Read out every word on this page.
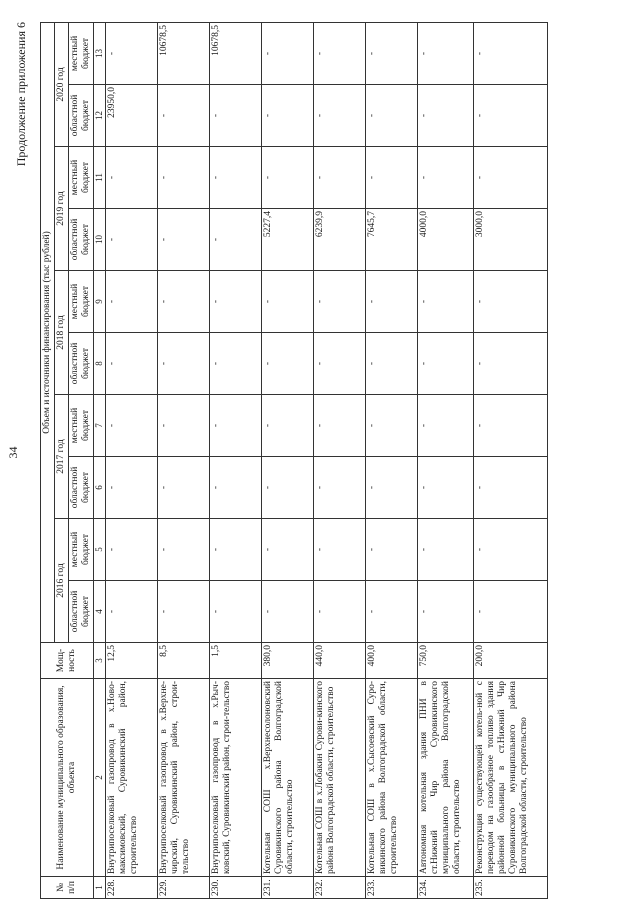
34
Продолжение приложения 6
№ п/п	Наименование муниципального образования, объекта	Мощ-ность	Объем и источники финансирования (тыс рублей)									
			2016 год		2017 год		2018 год		2019 год		2020 год	
			областной бюджет	местный бюджет	областной бюджет	местный бюджет	областной бюджет	местный бюджет	областной бюджет	местный бюджет	областной бюджет	местный бюджет
1	2	3	4	5	6	7	8	9	10	11	12	13
228.	Внутрипоселковый газопровод в х.Ново-максимовский, Суровикинский район, строительство	12,5	-	-	-	-	-	-	-	-	23950,0	-
229.	Внутрипоселковый газопровод в х.Верхне-чирский, Суровикинский район, строи-тельство	8,5	-	-	-	-	-	-	-	-	-	10678,5
230.	Внутрипоселковый газопровод в х.Рыч-ковский, Суровикинский район, строи-тельство	1,5	-	-	-	-	-	-	-	-	-	10678,5
231.	Котельная СОШ х.Верхнесолоновский Суровикинского района Волгоградской области, строительство	380,0	-	-	-	-	-	-	5227,4	-	-	-
232.	Котельная СОШ в х.Лобакин Сурови-кинского района Волгоградской области, строительство	440,0	-	-	-	-	-	-	6239,9	-	-	-
233.	Котельная СОШ в х.Сысоевский Суро-викинского района Волгоградской области, строительство	400,0	-	-	-	-	-	-	7645,7	-	-	-
234.	Автономная котельная здания ПНИ в ст.Нижний Чир Суровикинского муниципального района Волгоградской области, строительство	750,0	-	-	-	-	-	-	4000,0	-	-	-
235.	Реконструкция существующей котель-ной с переводом на газообразное топливо здания районной больницы в ст.Нижний Чир Суровикинского муниципального района Волгоградской области, строительство	200,0	-	-	-	-	-	-	3000,0	-	-	-
